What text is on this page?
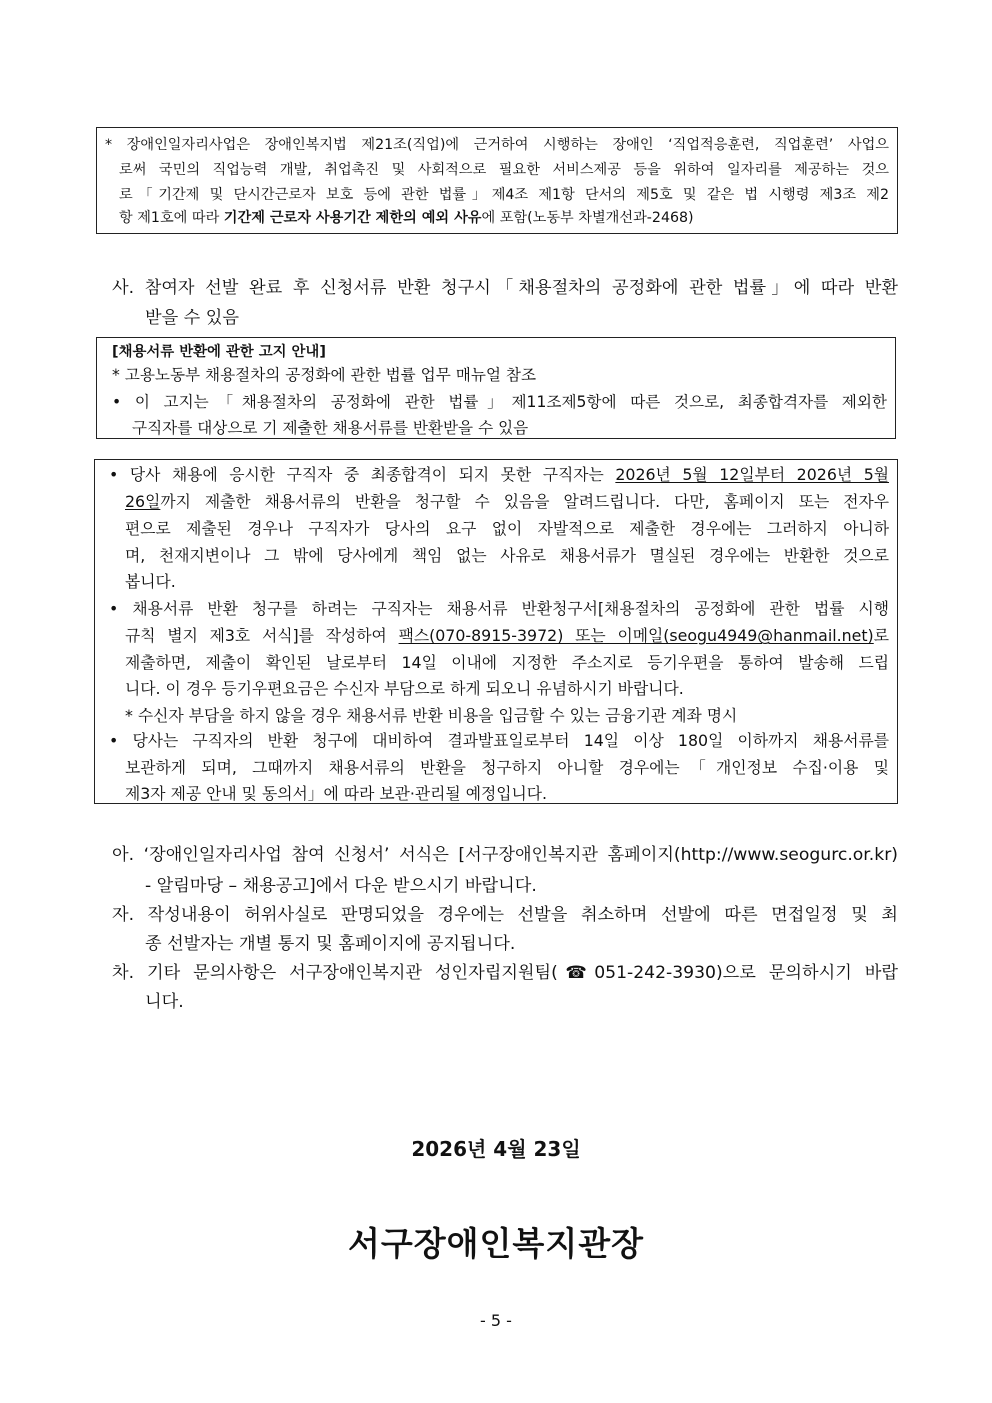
* 장애인일자리사업은 장애인복지법 제21조(직업)에 근거하여 시행하는 장애인 ‘직업적응훈련, 직업훈련’ 사업으
로써 국민의 직업능력 개발, 취업촉진 및 사회적으로 필요한 서비스제공 등을 위하여 일자리를 제공하는 것으
로「기간제 및 단시간근로자 보호 등에 관한 법률」제4조 제1항 단서의 제5호 및 같은 법 시행령 제3조 제2
항 제1호에 따라 기간제 근로자 사용기간 제한의 예외 사유에 포함(노동부 차별개선과-2468)
사. 참여자 선발 완료 후 신청서류 반환 청구시「채용절차의 공정화에 관한 법률」에 따라 반환
받을 수 있음
[채용서류 반환에 관한 고지 안내]
* 고용노동부 채용절차의 공정화에 관한 법률 업무 매뉴얼 참조
• 이 고지는「채용절차의 공정화에 관한 법률」제11조제5항에 따른 것으로, 최종합격자를 제외한
구직자를 대상으로 기 제출한 채용서류를 반환받을 수 있음
• 당사 채용에 응시한 구직자 중 최종합격이 되지 못한 구직자는 2026년 5월 12일부터 2026년 5월
26일까지 제출한 채용서류의 반환을 청구할 수 있음을 알려드립니다. 다만, 홈페이지 또는 전자우
편으로 제출된 경우나 구직자가 당사의 요구 없이 자발적으로 제출한 경우에는 그러하지 아니하
며, 천재지변이나 그 밖에 당사에게 책임 없는 사유로 채용서류가 멸실된 경우에는 반환한 것으로
봅니다.
• 채용서류 반환 청구를 하려는 구직자는 채용서류 반환청구서[채용절차의 공정화에 관한 법률 시행
규칙 별지 제3호 서식]를 작성하여 팩스(070-8915-3972) 또는 이메일(seogu4949@hanmail.net)로
제출하면, 제출이 확인된 날로부터 14일 이내에 지정한 주소지로 등기우편을 통하여 발송해 드립
니다. 이 경우 등기우편요금은 수신자 부담으로 하게 되오니 유념하시기 바랍니다.
* 수신자 부담을 하지 않을 경우 채용서류 반환 비용을 입금할 수 있는 금융기관 계좌 명시
• 당사는 구직자의 반환 청구에 대비하여 결과발표일로부터 14일 이상 180일 이하까지 채용서류를
보관하게 되며, 그때까지 채용서류의 반환을 청구하지 아니할 경우에는「개인정보 수집·이용 및
제3자 제공 안내 및 동의서」에 따라 보관·관리될 예정입니다.
아. ‘장애인일자리사업 참여 신청서’ 서식은 [서구장애인복지관 홈페이지(http://www.seogurc.or.kr)
- 알림마당 – 채용공고]에서 다운 받으시기 바랍니다.
자. 작성내용이 허위사실로 판명되었을 경우에는 선발을 취소하며 선발에 따른 면접일정 및 최
종 선발자는 개별 통지 및 홈페이지에 공지됩니다.
차. 기타 문의사항은 서구장애인복지관 성인자립지원팀(☎051-242-3930)으로 문의하시기 바랍
니다.
2026년 4월 23일
서구장애인복지관장
- 5 -
